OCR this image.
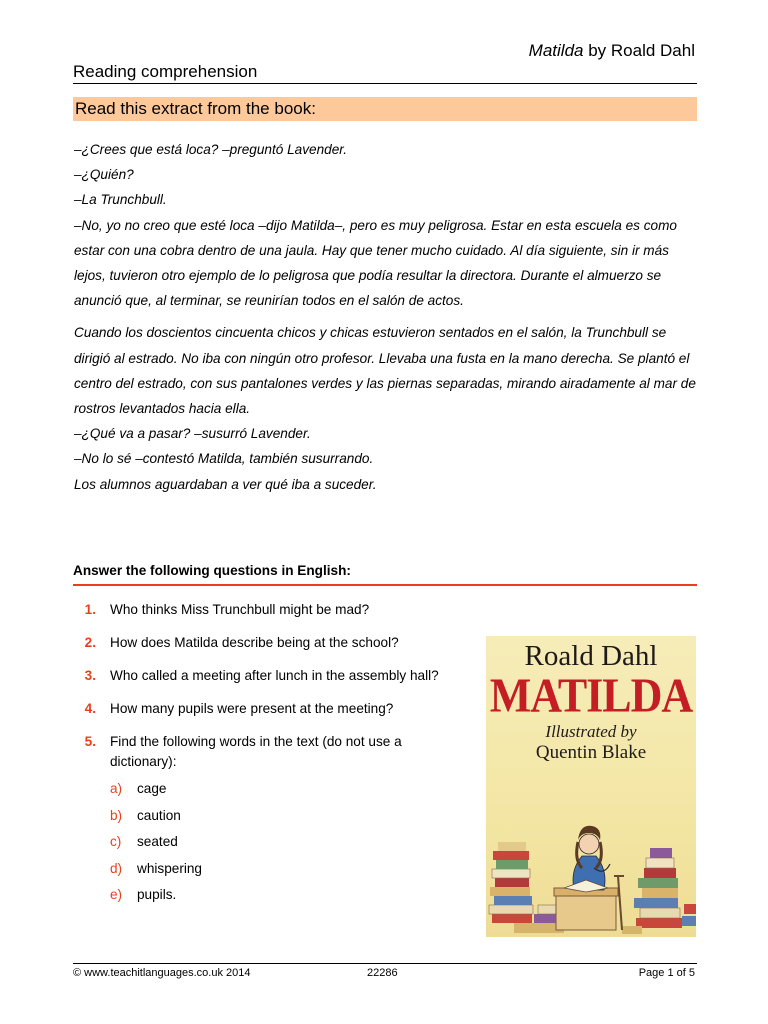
Matilda by Roald Dahl
Reading comprehension
Read this extract from the book:

–¿Crees que está loca? –preguntó Lavender.
–¿Quién?
–La Trunchbull.
–No, yo no creo que esté loca –dijo Matilda–, pero es muy peligrosa. Estar en esta escuela es como estar con una cobra dentro de una jaula. Hay que tener mucho cuidado. Al día siguiente, sin ir más lejos, tuvieron otro ejemplo de lo peligrosa que podía resultar la directora. Durante el almuerzo se anunció que, al terminar, se reunirían todos en el salón de actos.

Cuando los doscientos cincuenta chicos y chicas estuvieron sentados en el salón, la Trunchbull se dirigió al estrado. No iba con ningún otro profesor. Llevaba una fusta en la mano derecha. Se plantó el centro del estrado, con sus pantalones verdes y las piernas separadas, mirando airadamente al mar de rostros levantados hacia ella.
–¿Qué va a pasar? –susurró Lavender.
–No lo sé –contestó Matilda, también susurrando.
Los alumnos aguardaban a ver qué iba a suceder.

Answer the following questions in English:
1.	Who thinks Miss Trunchbull might be mad?
2.	How does Matilda describe being at the school?
3.	Who called a meeting after lunch in the assembly hall?
4.	How many pupils were present at the meeting?
5.	Find the following words in the text (do not use a dictionary):
a)	cage
b)	caution
c)	seated
d)	whispering
e)	pupils.
Roald Dahl
MATILDA
Illustrated by
Quentin Blake
© www.teachitlanguages.co.uk 2014	22286	Page 1 of 5
